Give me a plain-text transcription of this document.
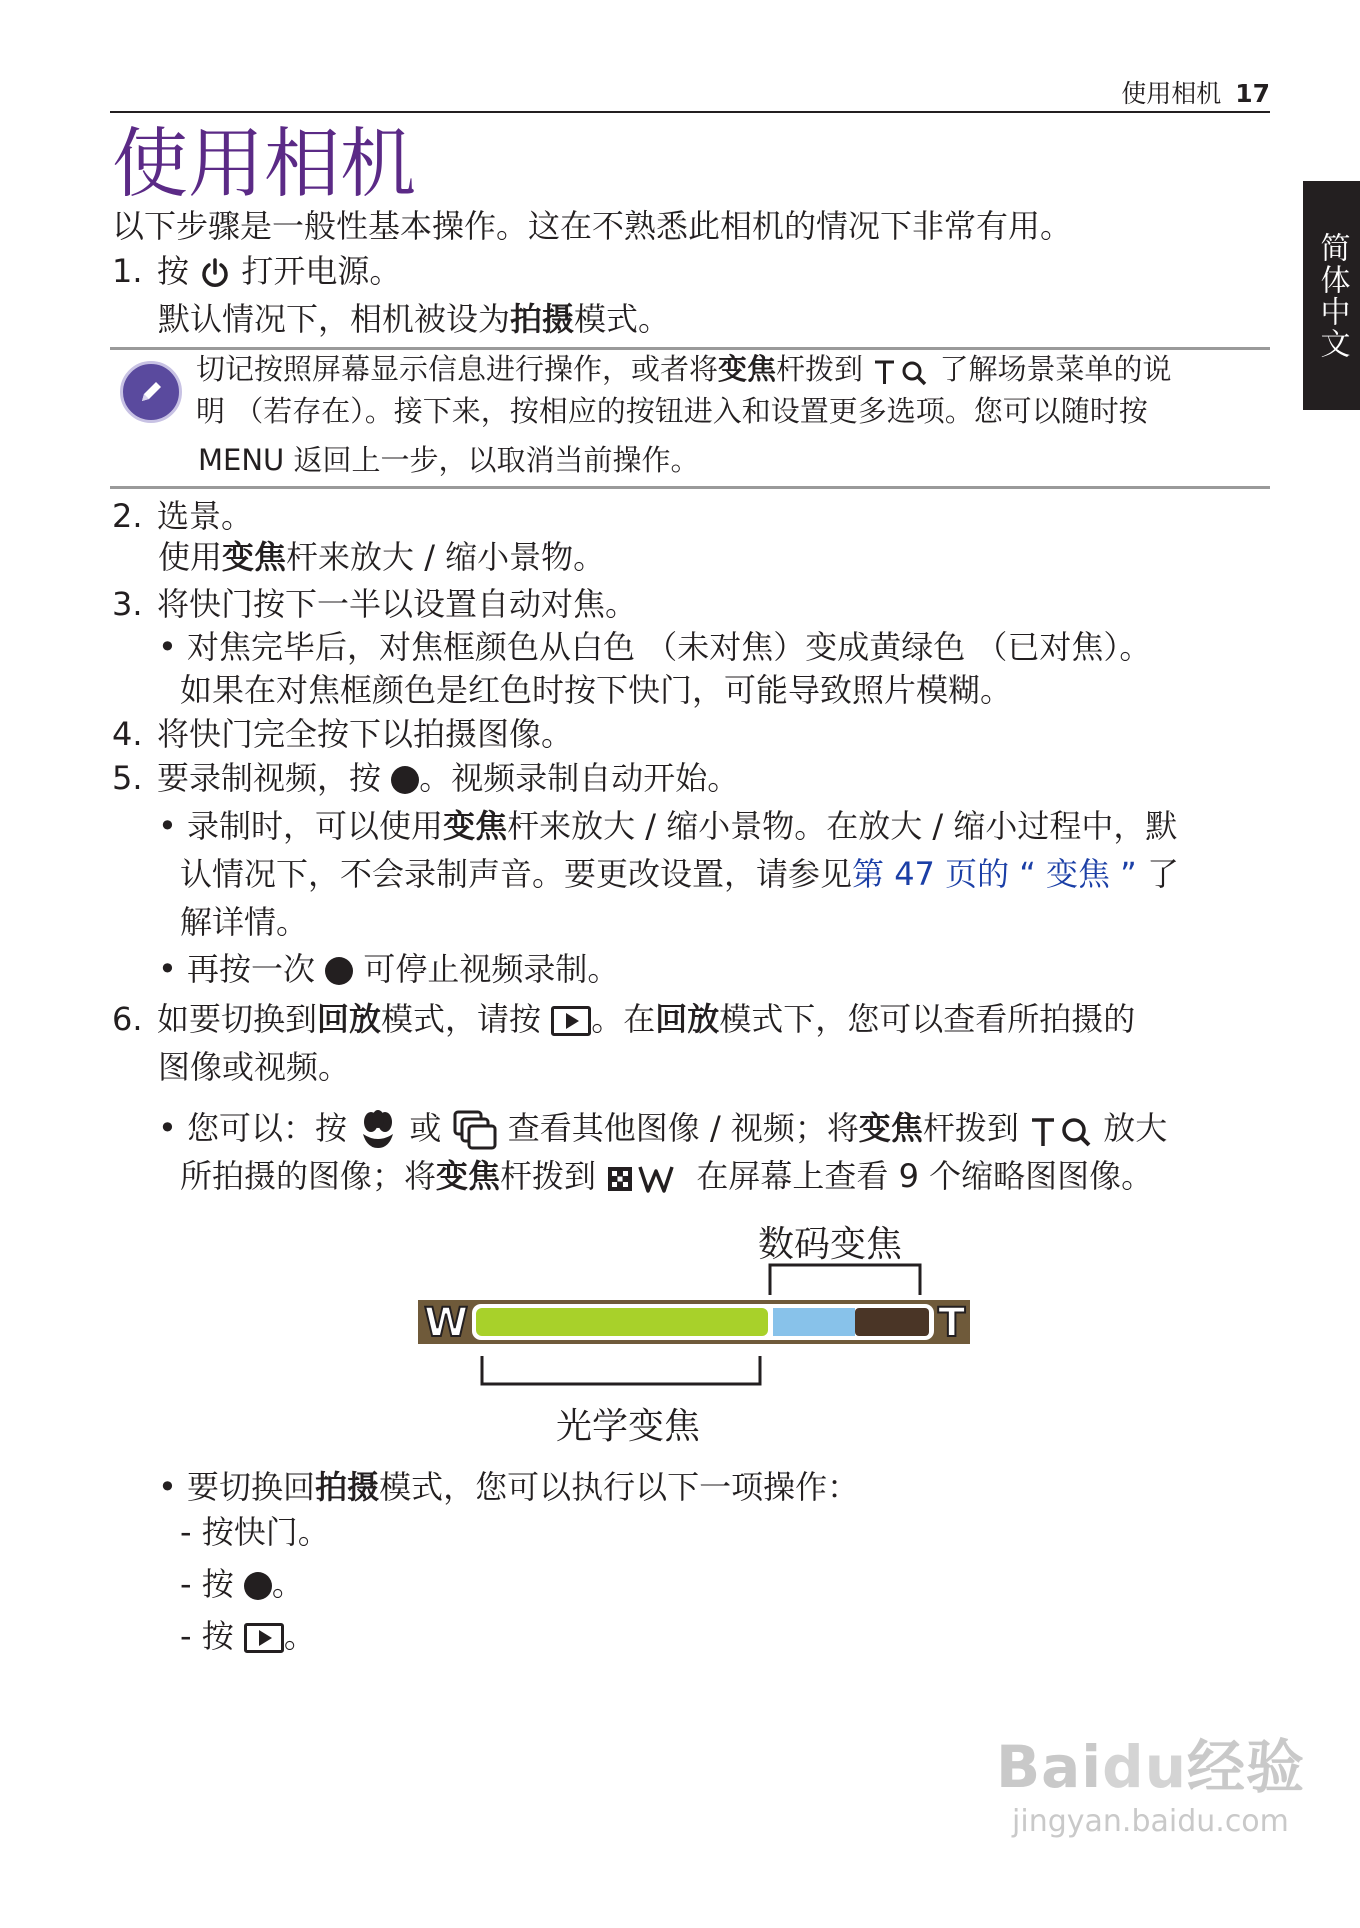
使用相机 17
简体中文
使用相机
以下步骤是一般性基本操作。这在不熟悉此相机的情况下非常有用。
1. 按 打开电源。
默认情况下，相机被设为拍摄模式。
切记按照屏幕显示信息进行操作，或者将变焦杆拨到	了解场景菜单的说
明 （若存在）。接下来，按相应的按钮进入和设置更多选项。您可以随时按
MENU 返回上一步，以取消当前操作。
2. 选景。
使用变焦杆来放大 / 缩小景物。
3. 将快门按下一半以设置自动对焦。
• 对焦完毕后，对焦框颜色从白色 （未对焦）变成黄绿色 （已对焦）。
如果在对焦框颜色是红色时按下快门，可能导致照片模糊。
4. 将快门完全按下以拍摄图像。
5. 要录制视频，按 。视频录制自动开始。
• 录制时，可以使用变焦杆来放大 / 缩小景物。在放大 / 缩小过程中，默
认情况下，不会录制声音。要更改设置，请参见第 47 页的 “ 变焦 ” 了
解详情。
• 再按一次 可停止视频录制。
6. 如要切换到回放模式，请按 。在回放模式下，您可以查看所拍摄的
图像或视频。
• 您可以：按 或 查看其他图像 / 视频；将变焦杆拨到	放大
所拍摄的图像；将变焦杆拨到	在屏幕上查看 9 个缩略图图像。
数码变焦
W	T
光学变焦
• 要切换回拍摄模式，您可以执行以下一项操作：
- 按快门。
- 按 。
- 按 。
Baidu经验
jingyan.baidu.com
